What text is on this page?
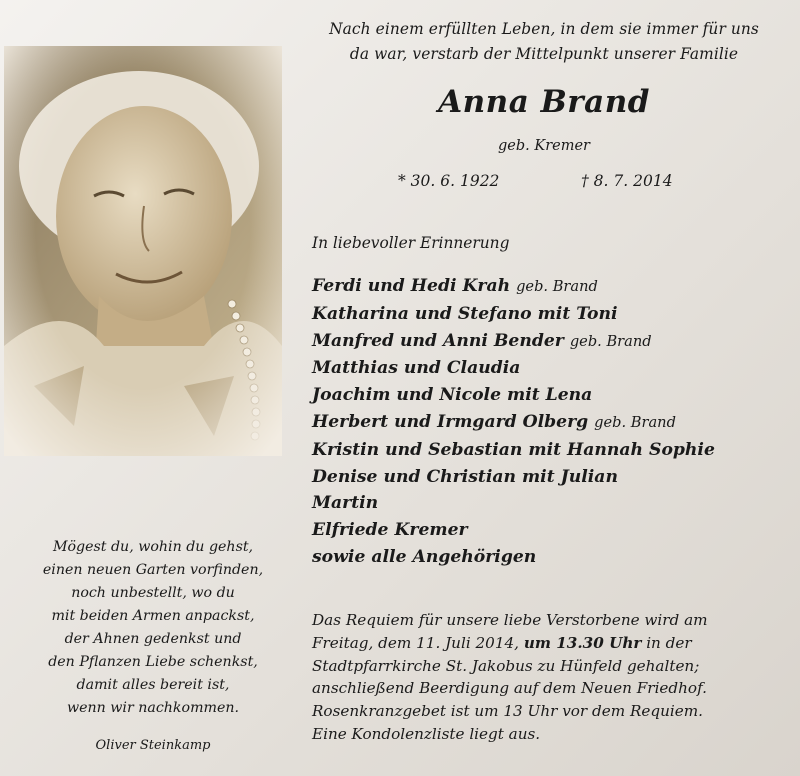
Nach einem erfüllten Leben, in dem sie immer für uns
da war, verstarb der Mittelpunkt unserer Familie
Anna Brand
geb. Kremer
* 30. 6. 1922	† 8. 7. 2014
In liebevoller Erinnerung
Ferdi und Hedi Krah geb. Brand
Katharina und Stefano mit Toni
Manfred und Anni Bender geb. Brand
Matthias und Claudia
Joachim und Nicole mit Lena
Herbert und Irmgard Olberg geb. Brand
Kristin und Sebastian mit Hannah Sophie
Denise und Christian mit Julian
Martin
Elfriede Kremer
sowie alle Angehörigen
Das Requiem für unsere liebe Verstorbene wird am
Freitag, dem 11. Juli 2014, um 13.30 Uhr in der
Stadtpfarrkirche St. Jakobus zu Hünfeld gehalten;
anschließend Beerdigung auf dem Neuen Friedhof.
Rosenkranzgebet ist um 13 Uhr vor dem Requiem.
Eine Kondolenzliste liegt aus.
Mögest du, wohin du gehst,
einen neuen Garten vorfinden,
noch unbestellt, wo du
mit beiden Armen anpackst,
der Ahnen gedenkst und
den Pflanzen Liebe schenkst,
damit alles bereit ist,
wenn wir nachkommen.
Oliver Steinkamp
